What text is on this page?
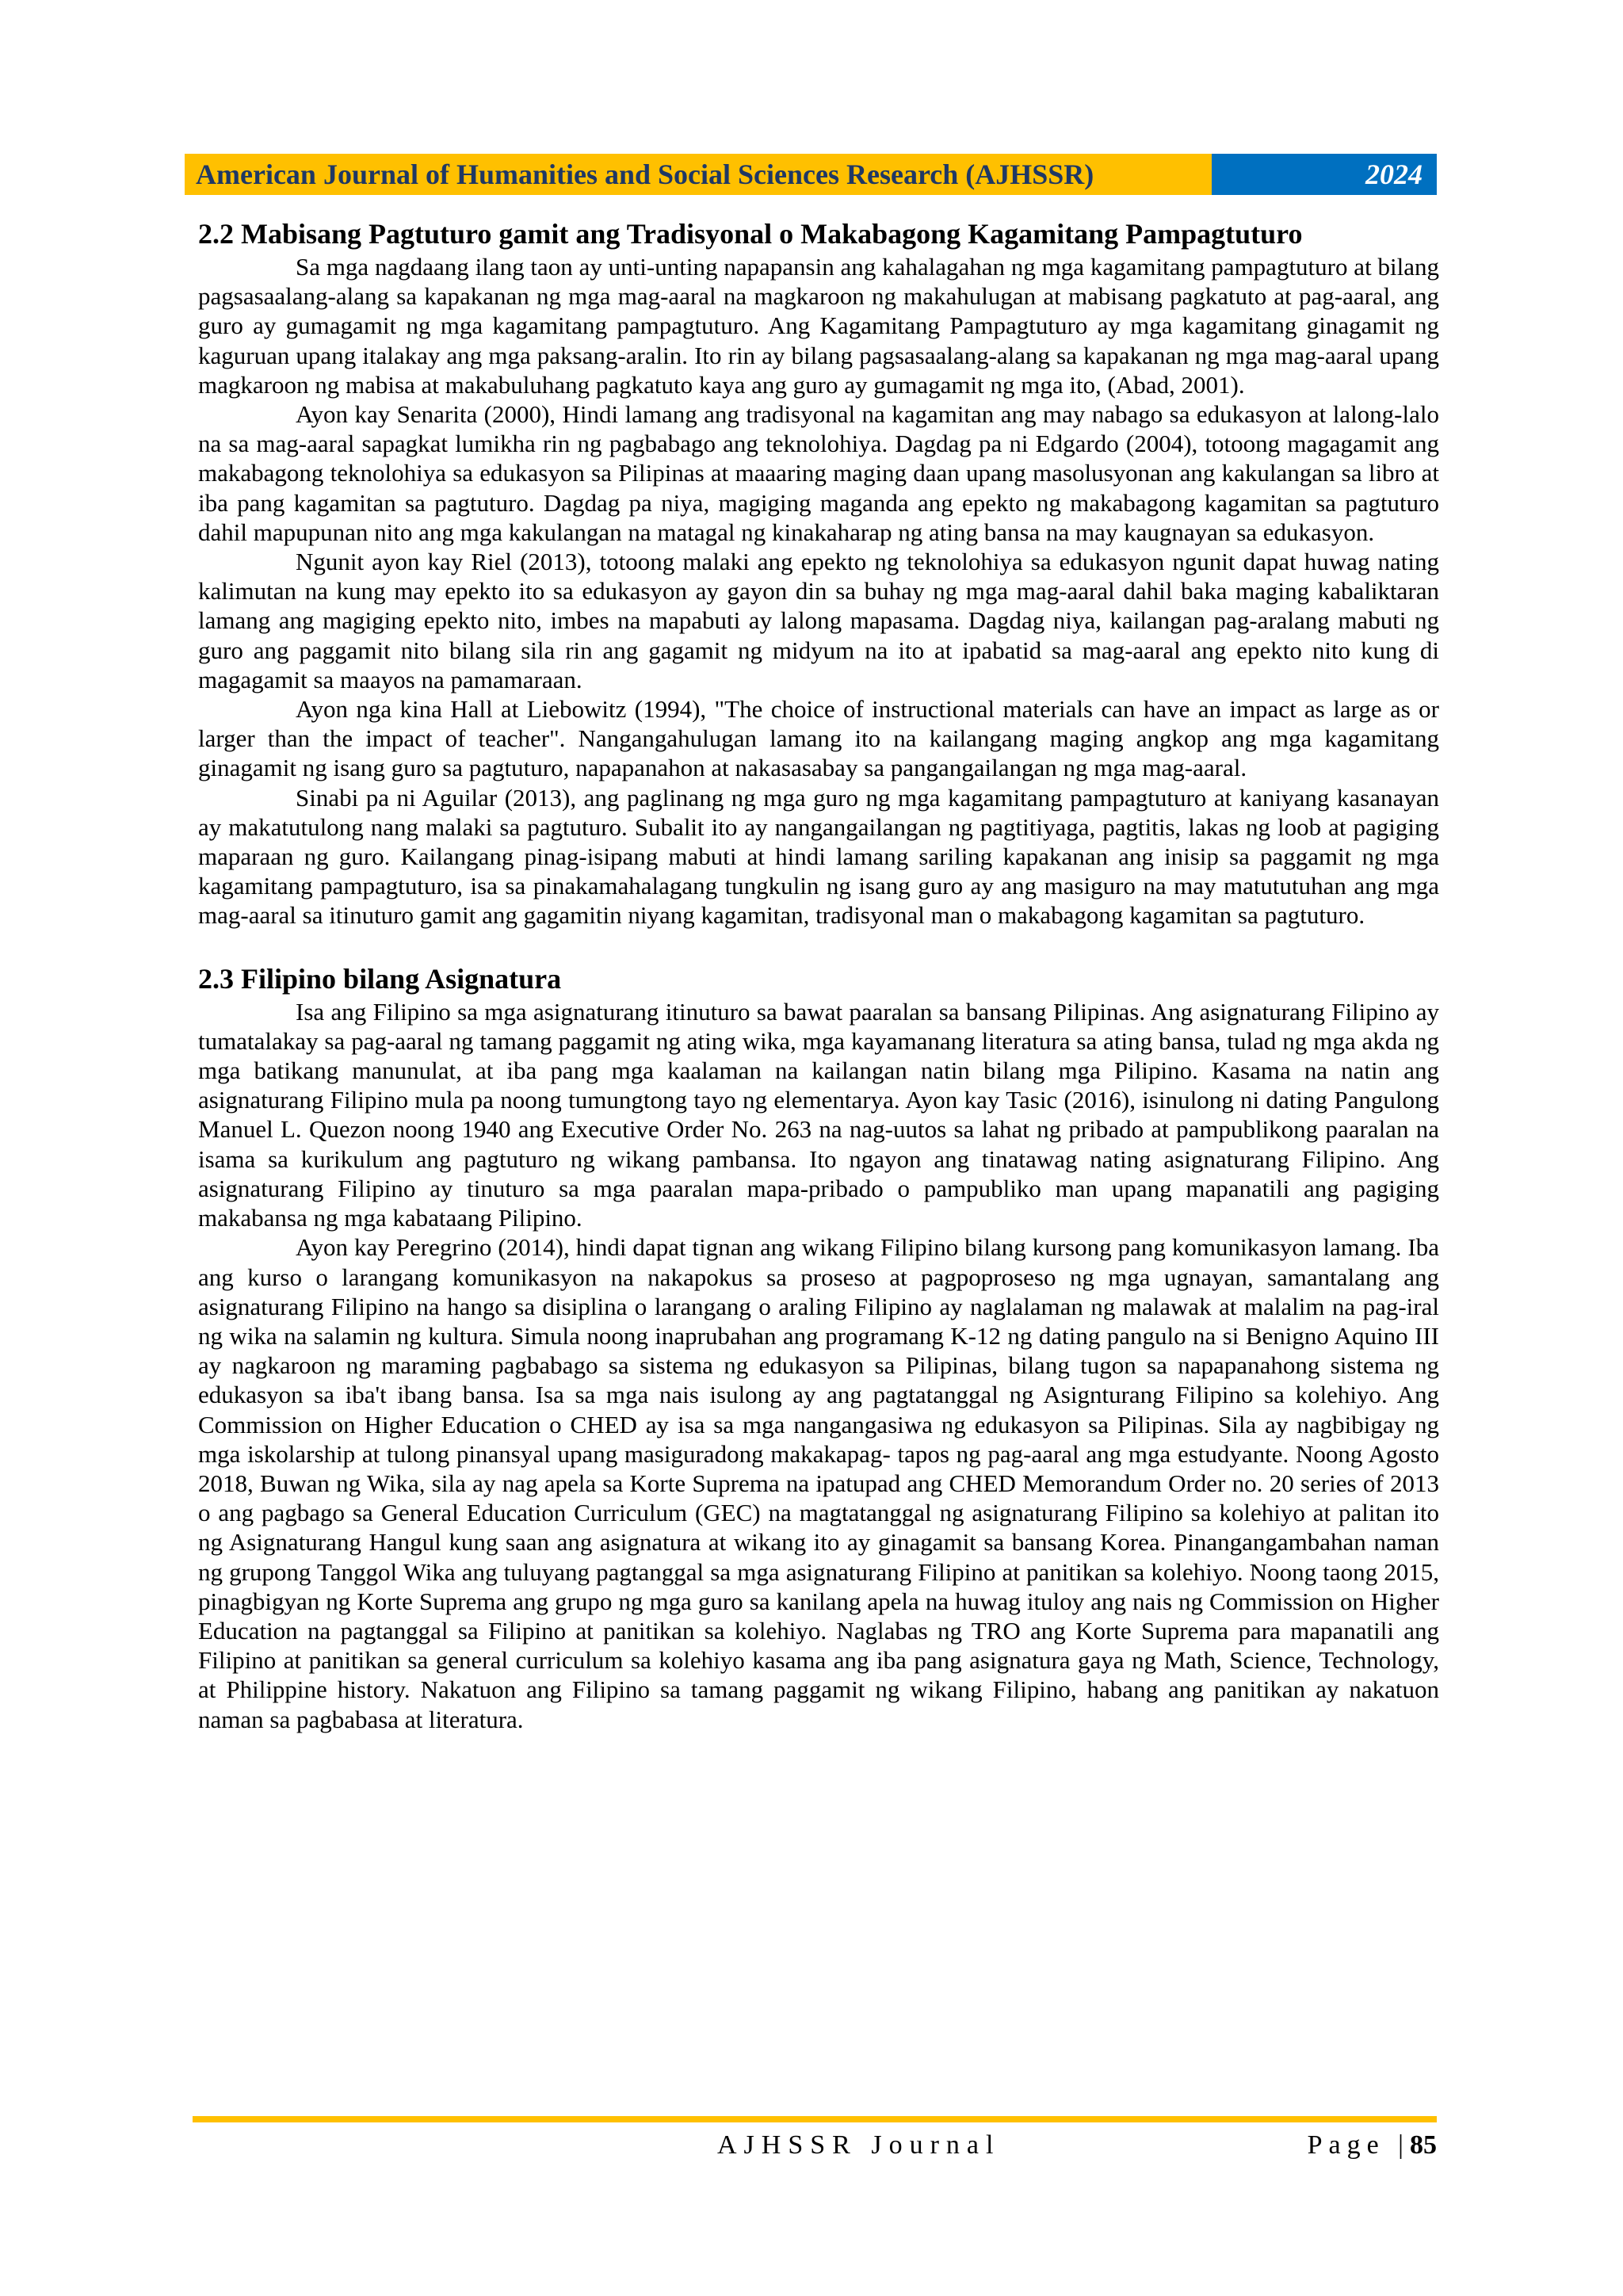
American Journal of Humanities and Social Sciences Research (AJHSSR)	2024
2.2 Mabisang Pagtuturo gamit ang Tradisyonal o Makabagong Kagamitang Pampagtuturo

Sa mga nagdaang ilang taon ay unti-unting napapansin ang kahalagahan ng mga kagamitang pampagtuturo at bilang pagsasaalang-alang sa kapakanan ng mga mag-aaral na magkaroon ng makahulugan at mabisang pagkatuto at pag-aaral, ang guro ay gumagamit ng mga kagamitang pampagtuturo. Ang Kagamitang Pampagtuturo ay mga kagamitang ginagamit ng kaguruan upang italakay ang mga paksang-aralin. Ito rin ay bilang pagsasaalang-alang sa kapakanan ng mga mag-aaral upang magkaroon ng mabisa at makabuluhang pagkatuto kaya ang guro ay gumagamit ng mga ito, (Abad, 2001).

Ayon kay Senarita (2000), Hindi lamang ang tradisyonal na kagamitan ang may nabago sa edukasyon at lalong-lalo na sa mag-aaral sapagkat lumikha rin ng pagbabago ang teknolohiya. Dagdag pa ni Edgardo (2004), totoong magagamit ang makabagong teknolohiya sa edukasyon sa Pilipinas at maaaring maging daan upang masolusyonan ang kakulangan sa libro at iba pang kagamitan sa pagtuturo. Dagdag pa niya, magiging maganda ang epekto ng makabagong kagamitan sa pagtuturo dahil mapupunan nito ang mga kakulangan na matagal ng kinakaharap ng ating bansa na may kaugnayan sa edukasyon.

Ngunit ayon kay Riel (2013), totoong malaki ang epekto ng teknolohiya sa edukasyon ngunit dapat huwag nating kalimutan na kung may epekto ito sa edukasyon ay gayon din sa buhay ng mga mag-aaral dahil baka maging kabaliktaran lamang ang magiging epekto nito, imbes na mapabuti ay lalong mapasama. Dagdag niya, kailangan pag-aralang mabuti ng guro ang paggamit nito bilang sila rin ang gagamit ng midyum na ito at ipabatid sa mag-aaral ang epekto nito kung di magagamit sa maayos na pamamaraan.

Ayon nga kina Hall at Liebowitz (1994), "The choice of instructional materials can have an impact as large as or larger than the impact of teacher". Nangangahulugan lamang ito na kailangang maging angkop ang mga kagamitang ginagamit ng isang guro sa pagtuturo, napapanahon at nakasasabay sa pangangailangan ng mga mag-aaral.

Sinabi pa ni Aguilar (2013), ang paglinang ng mga guro ng mga kagamitang pampagtuturo at kaniyang kasanayan ay makatutulong nang malaki sa pagtuturo. Subalit ito ay nangangailangan ng pagtitiyaga, pagtitis, lakas ng loob at pagiging maparaan ng guro. Kailangang pinag-isipang mabuti at hindi lamang sariling kapakanan ang inisip sa paggamit ng mga kagamitang pampagtuturo, isa sa pinakamahalagang tungkulin ng isang guro ay ang masiguro na may matututuhan ang mga mag-aaral sa itinuturo gamit ang gagamitin niyang kagamitan, tradisyonal man o makabagong kagamitan sa pagtuturo.

2.3 Filipino bilang Asignatura

Isa ang Filipino sa mga asignaturang itinuturo sa bawat paaralan sa bansang Pilipinas. Ang asignaturang Filipino ay tumatalakay sa pag-aaral ng tamang paggamit ng ating wika, mga kayamanang literatura sa ating bansa, tulad ng mga akda ng mga batikang manunulat, at iba pang mga kaalaman na kailangan natin bilang mga Pilipino. Kasama na natin ang asignaturang Filipino mula pa noong tumungtong tayo ng elementarya. Ayon kay Tasic (2016), isinulong ni dating Pangulong Manuel L. Quezon noong 1940 ang Executive Order No. 263 na nag-uutos sa lahat ng pribado at pampublikong paaralan na isama sa kurikulum ang pagtuturo ng wikang pambansa. Ito ngayon ang tinatawag nating asignaturang Filipino. Ang asignaturang Filipino ay tinuturo sa mga paaralan mapa-pribado o pampubliko man upang mapanatili ang pagiging makabansa ng mga kabataang Pilipino.

Ayon kay Peregrino (2014), hindi dapat tignan ang wikang Filipino bilang kursong pang komunikasyon lamang. Iba ang kurso o larangang komunikasyon na nakapokus sa proseso at pagpoproseso ng mga ugnayan, samantalang ang asignaturang Filipino na hango sa disiplina o larangang o araling Filipino ay naglalaman ng malawak at malalim na pag-iral ng wika na salamin ng kultura. Simula noong inaprubahan ang programang K-12 ng dating pangulo na si Benigno Aquino III ay nagkaroon ng maraming pagbabago sa sistema ng edukasyon sa Pilipinas, bilang tugon sa napapanahong sistema ng edukasyon sa iba't ibang bansa. Isa sa mga nais isulong ay ang pagtatanggal ng Asignturang Filipino sa kolehiyo. Ang Commission on Higher Education o CHED ay isa sa mga nangangasiwa ng edukasyon sa Pilipinas. Sila ay nagbibigay ng mga iskolarship at tulong pinansyal upang masiguradong makakapag- tapos ng pag-aaral ang mga estudyante. Noong Agosto 2018, Buwan ng Wika, sila ay nag apela sa Korte Suprema na ipatupad ang CHED Memorandum Order no. 20 series of 2013 o ang pagbago sa General Education Curriculum (GEC) na magtatanggal ng asignaturang Filipino sa kolehiyo at palitan ito ng Asignaturang Hangul kung saan ang asignatura at wikang ito ay ginagamit sa bansang Korea. Pinangangambahan naman ng grupong Tanggol Wika ang tuluyang pagtanggal sa mga asignaturang Filipino at panitikan sa kolehiyo. Noong taong 2015, pinagbigyan ng Korte Suprema ang grupo ng mga guro sa kanilang apela na huwag ituloy ang nais ng Commission on Higher Education na pagtanggal sa Filipino at panitikan sa kolehiyo. Naglabas ng TRO ang Korte Suprema para mapanatili ang Filipino at panitikan sa general curriculum sa kolehiyo kasama ang iba pang asignatura gaya ng Math, Science, Technology, at Philippine history. Nakatuon ang Filipino sa tamang paggamit ng wikang Filipino, habang ang panitikan ay nakatuon naman sa pagbabasa at literatura.

AJHSSR Journal	Page |85
